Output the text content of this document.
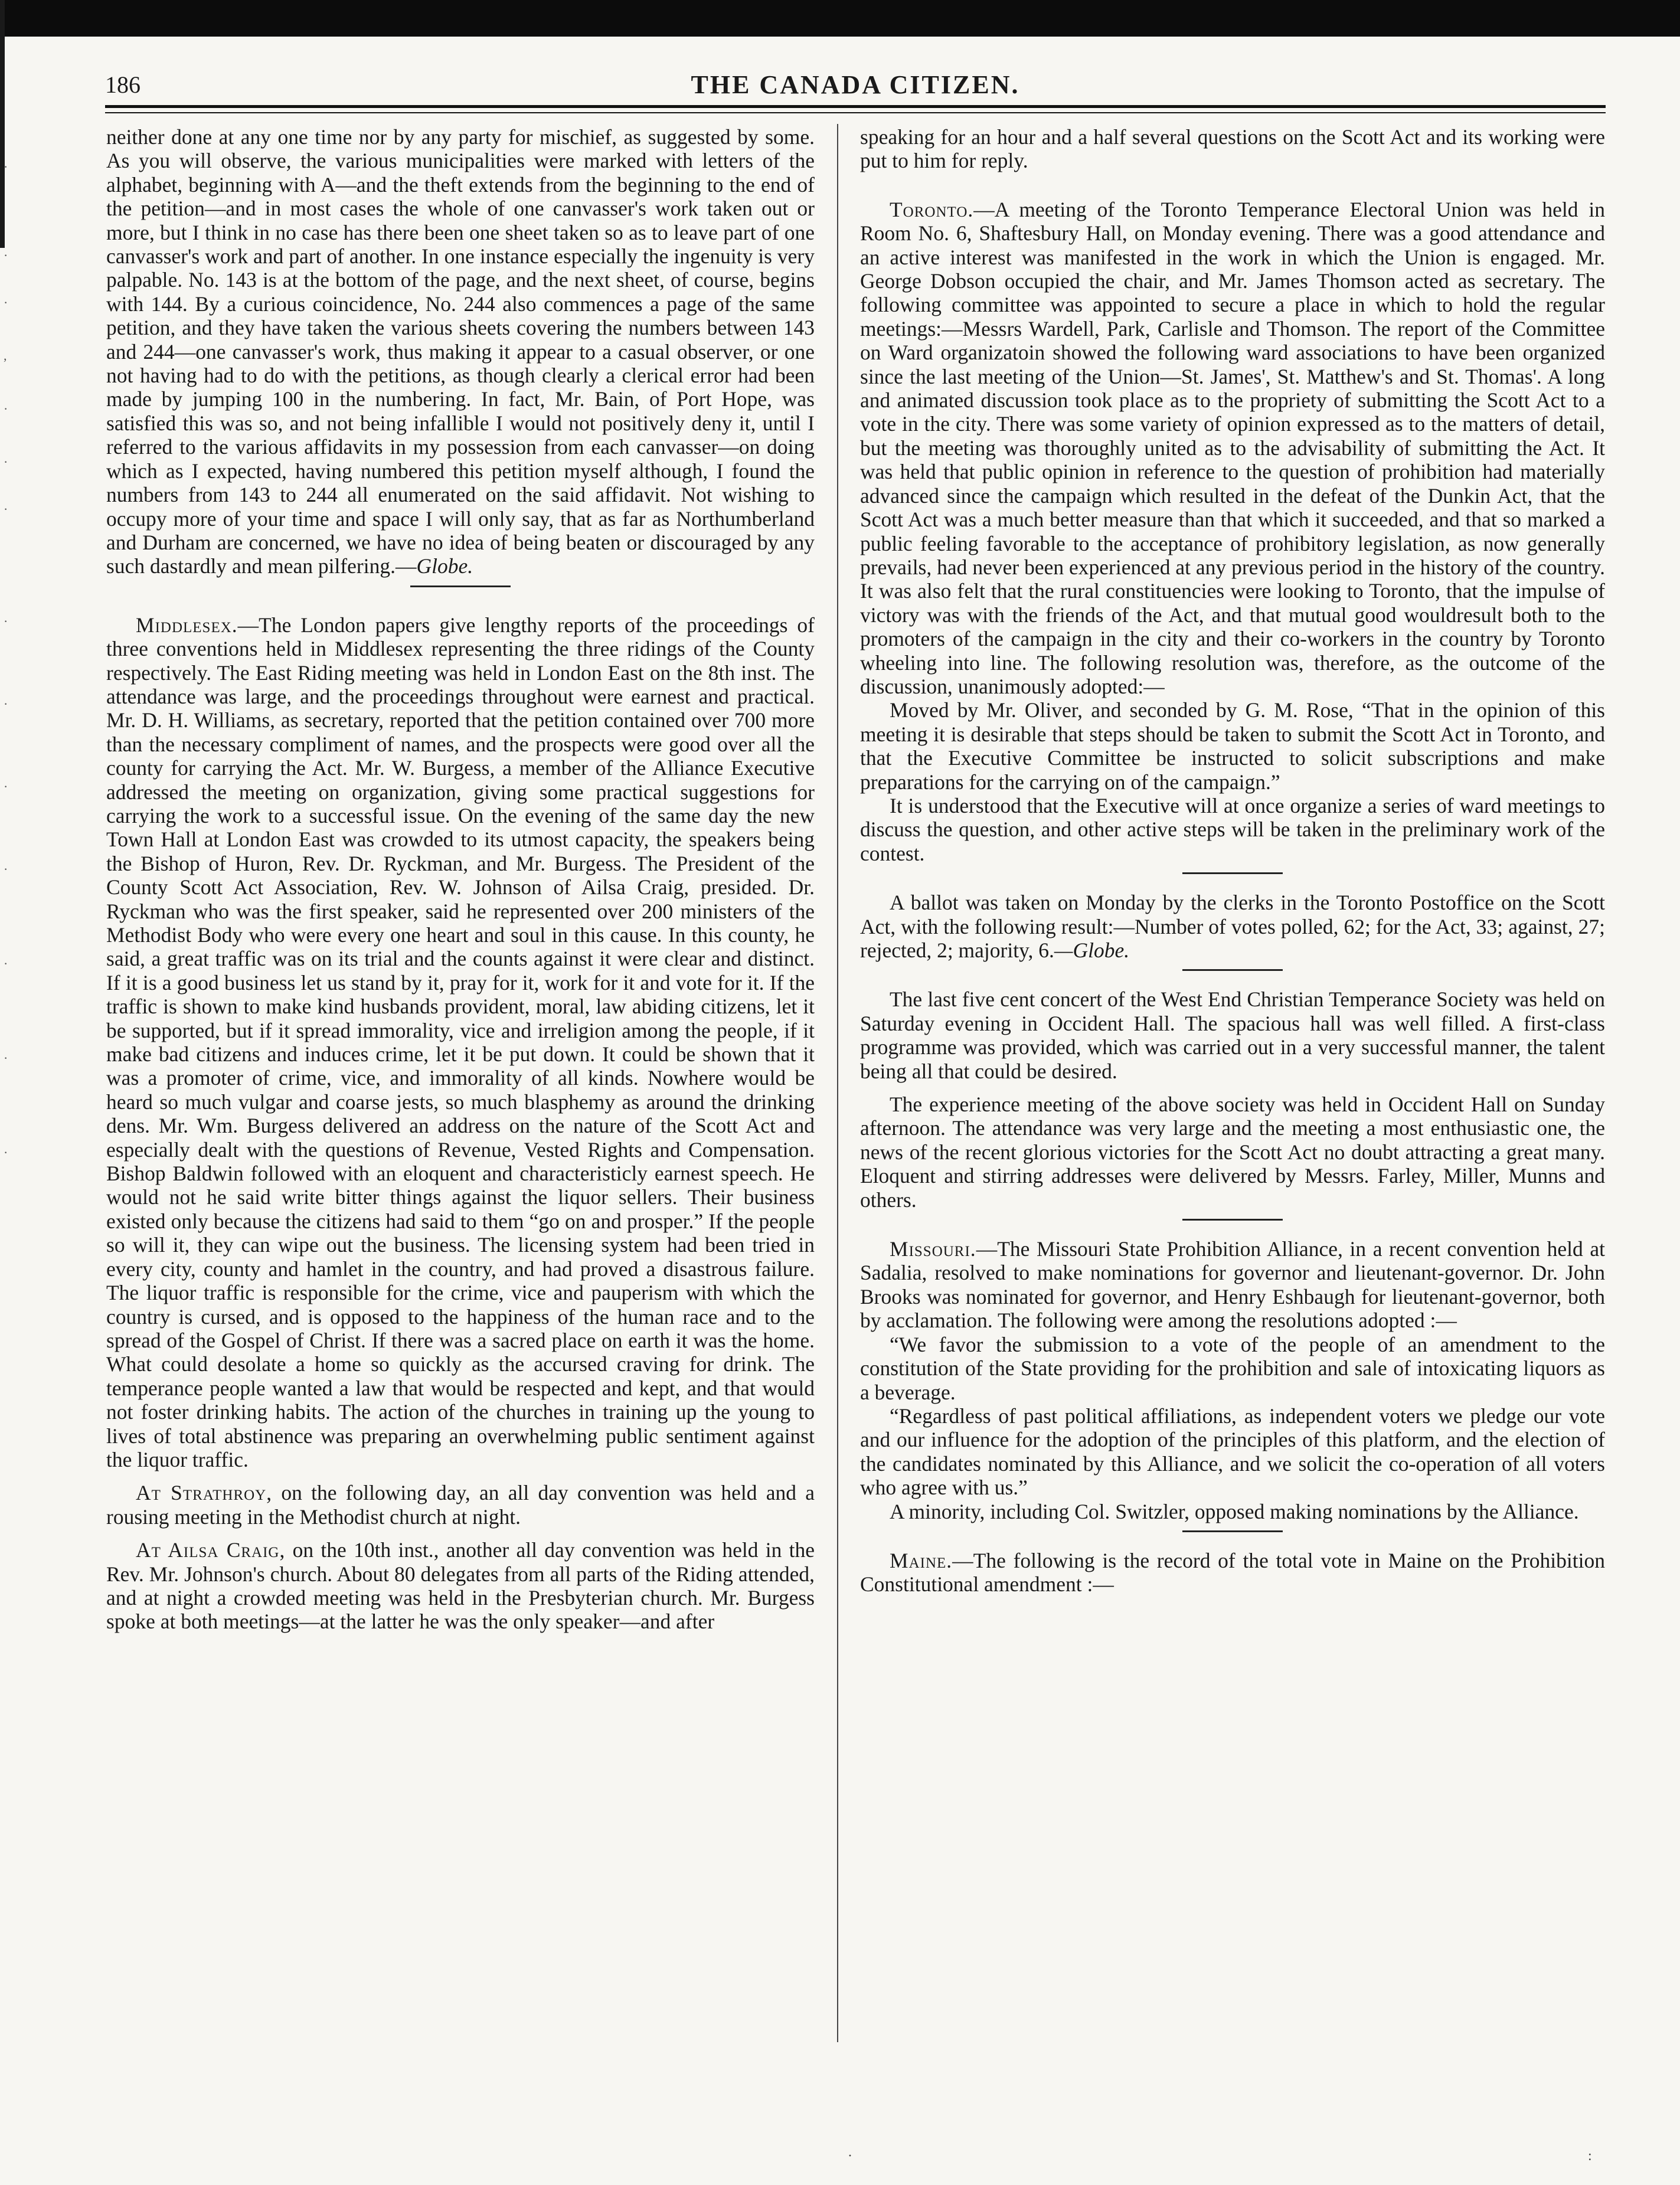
·
·
·
,
·
·
·
·
·
·
·
·
·
·
186	THE CANADA CITIZEN.

neither done at any one time nor by any party for mischief, as suggested by some. As you will observe, the various municipalities were marked with letters of the alphabet, beginning with A—and the theft extends from the beginning to the end of the petition—and in most cases the whole of one canvasser's work taken out or more, but I think in no case has there been one sheet taken so as to leave part of one canvasser's work and part of another. In one instance especially the ingenuity is very palpable. No. 143 is at the bottom of the page, and the next sheet, of course, begins with 144. By a curious coincidence, No. 244 also commences a page of the same petition, and they have taken the various sheets covering the numbers between 143 and 244—one canvasser's work, thus making it appear to a casual observer, or one not having had to do with the petitions, as though clearly a clerical error had been made by jumping 100 in the numbering. In fact, Mr. Bain, of Port Hope, was satisfied this was so, and not being infallible I would not positively deny it, until I referred to the various affidavits in my possession from each canvasser—on doing which as I expected, having numbered this petition myself although, I found the numbers from 143 to 244 all enumerated on the said affidavit. Not wishing to occupy more of your time and space I will only say, that as far as Northumberland and Durham are concerned, we have no idea of being beaten or discouraged by any such dastardly and mean pilfering.—Globe.

Middlesex.—The London papers give lengthy reports of the proceedings of three conventions held in Middlesex representing the three ridings of the County respectively. The East Riding meeting was held in London East on the 8th inst. The attendance was large, and the proceedings throughout were earnest and practical. Mr. D. H. Williams, as secretary, reported that the petition contained over 700 more than the necessary compliment of names, and the prospects were good over all the county for carrying the Act. Mr. W. Burgess, a member of the Alliance Executive addressed the meeting on organization, giving some practical suggestions for carrying the work to a successful issue. On the evening of the same day the new Town Hall at London East was crowded to its utmost capacity, the speakers being the Bishop of Huron, Rev. Dr. Ryckman, and Mr. Burgess. The President of the County Scott Act Association, Rev. W. Johnson of Ailsa Craig, presided. Dr. Ryckman who was the first speaker, said he represented over 200 ministers of the Methodist Body who were every one heart and soul in this cause. In this county, he said, a great traffic was on its trial and the counts against it were clear and distinct. If it is a good business let us stand by it, pray for it, work for it and vote for it. If the traffic is shown to make kind husbands provident, moral, law abiding citizens, let it be supported, but if it spread immorality, vice and irreligion among the people, if it make bad citizens and induces crime, let it be put down. It could be shown that it was a promoter of crime, vice, and immorality of all kinds. Nowhere would be heard so much vulgar and coarse jests, so much blasphemy as around the drinking dens. Mr. Wm. Burgess delivered an address on the nature of the Scott Act and especially dealt with the questions of Revenue, Vested Rights and Compensation. Bishop Baldwin followed with an eloquent and characteristicly earnest speech. He would not he said write bitter things against the liquor sellers. Their business existed only because the citizens had said to them “go on and prosper.” If the people so will it, they can wipe out the business. The licensing system had been tried in every city, county and hamlet in the country, and had proved a disastrous failure. The liquor traffic is responsible for the crime, vice and pauperism with which the country is cursed, and is opposed to the happiness of the human race and to the spread of the Gospel of Christ. If there was a sacred place on earth it was the home. What could desolate a home so quickly as the accursed craving for drink. The temperance people wanted a law that would be respected and kept, and that would not foster drinking habits. The action of the churches in training up the young to lives of total abstinence was preparing an overwhelming public sentiment against the liquor traffic.

At Strathroy, on the following day, an all day convention was held and a rousing meeting in the Methodist church at night.

At Ailsa Craig, on the 10th inst., another all day convention was held in the Rev. Mr. Johnson's church. About 80 delegates from all parts of the Riding attended, and at night a crowded meeting was held in the Presbyterian church. Mr. Burgess spoke at both meetings—at the latter he was the only speaker—and after

speaking for an hour and a half several questions on the Scott Act and its working were put to him for reply.

Toronto.—A meeting of the Toronto Temperance Electoral Union was held in Room No. 6, Shaftesbury Hall, on Monday evening. There was a good attendance and an active interest was manifested in the work in which the Union is engaged. Mr. George Dobson occupied the chair, and Mr. James Thomson acted as secretary. The following committee was appointed to secure a place in which to hold the regular meetings:—Messrs Wardell, Park, Carlisle and Thomson. The report of the Committee on Ward organizatoin showed the following ward associations to have been organized since the last meeting of the Union—St. James', St. Matthew's and St. Thomas'. A long and animated discussion took place as to the propriety of submitting the Scott Act to a vote in the city. There was some variety of opinion expressed as to the matters of detail, but the meeting was thoroughly united as to the advisability of submitting the Act. It was held that public opinion in reference to the question of prohibition had materially advanced since the campaign which resulted in the defeat of the Dunkin Act, that the Scott Act was a much better measure than that which it succeeded, and that so marked a public feeling favorable to the acceptance of prohibitory legislation, as now generally prevails, had never been experienced at any previous period in the history of the country. It was also felt that the rural constituencies were looking to Toronto, that the impulse of victory was with the friends of the Act, and that mutual good wouldresult both to the promoters of the campaign in the city and their co-workers in the country by Toronto wheeling into line. The following resolution was, therefore, as the outcome of the discussion, unanimously adopted:—

Moved by Mr. Oliver, and seconded by G. M. Rose, “That in the opinion of this meeting it is desirable that steps should be taken to submit the Scott Act in Toronto, and that the Executive Committee be instructed to solicit subscriptions and make preparations for the carrying on of the campaign.”

It is understood that the Executive will at once organize a series of ward meetings to discuss the question, and other active steps will be taken in the preliminary work of the contest.

A ballot was taken on Monday by the clerks in the Toronto Postoffice on the Scott Act, with the following result:—Number of votes polled, 62; for the Act, 33; against, 27; rejected, 2; majority, 6.—Globe.

The last five cent concert of the West End Christian Temperance Society was held on Saturday evening in Occident Hall. The spacious hall was well filled. A first-class programme was provided, which was carried out in a very successful manner, the talent being all that could be desired.

The experience meeting of the above society was held in Occident Hall on Sunday afternoon. The attendance was very large and the meeting a most enthusiastic one, the news of the recent glorious victories for the Scott Act no doubt attracting a great many. Eloquent and stirring addresses were delivered by Messrs. Farley, Miller, Munns and others.

Missouri.—The Missouri State Prohibition Alliance, in a recent convention held at Sadalia, resolved to make nominations for governor and lieutenant-governor. Dr. John Brooks was nominated for governor, and Henry Eshbaugh for lieutenant-governor, both by acclamation. The following were among the resolutions adopted :—

“We favor the submission to a vote of the people of an amendment to the constitution of the State providing for the prohibition and sale of intoxicating liquors as a beverage.

“Regardless of past political affiliations, as independent voters we pledge our vote and our influence for the adoption of the principles of this platform, and the election of the candidates nominated by this Alliance, and we solicit the co-operation of all voters who agree with us.”

A minority, including Col. Switzler, opposed making nominations by the Alliance.

Maine.—The following is the record of the total vote in Maine on the Prohibition Constitutional amendment :—

·	:
